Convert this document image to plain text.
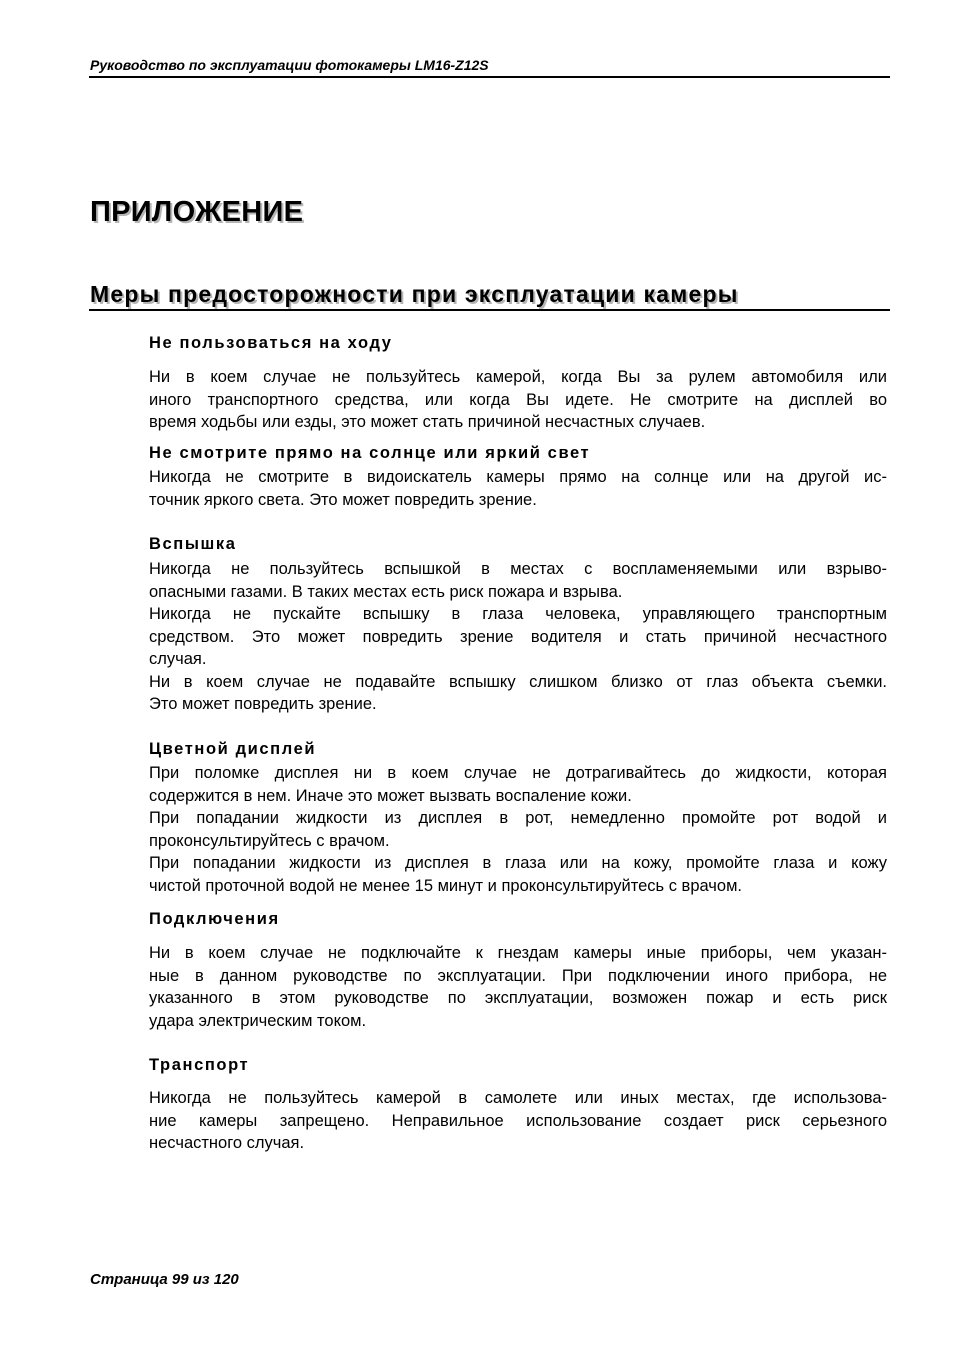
Руководство по эксплуатации фотокамеры LM16-Z12S
ПРИЛОЖЕНИЕ
Меры предосторожности при эксплуатации камеры
Не пользоваться на ходу
Ни в коем случае не пользуйтесь камерой, когда Вы за рулем автомобиля или
иного транспортного средства, или когда Вы идете. Не смотрите на дисплей во
время ходьбы или езды, это может стать причиной несчастных случаев.
Не смотрите прямо на солнце или яркий свет
Никогда не смотрите в видоискатель камеры прямо на солнце или на другой ис-
точник яркого света. Это может повредить зрение.
Вспышка
Никогда не пользуйтесь вспышкой в местах с воспламеняемыми или взрыво-
опасными газами. В таких местах есть риск пожара и взрыва.
Никогда не пускайте вспышку в глаза человека, управляющего транспортным
средством. Это может повредить зрение водителя и стать причиной несчастного
случая.
Ни в коем случае не подавайте вспышку слишком близко от глаз объекта съемки.
Это может повредить зрение.
Цветной дисплей
При поломке дисплея ни в коем случае не дотрагивайтесь до жидкости, которая
содержится в нем. Иначе это может вызвать воспаление кожи.
При попадании жидкости из дисплея в рот, немедленно промойте рот водой и
проконсультируйтесь с врачом.
При попадании жидкости из дисплея в глаза или на кожу, промойте глаза и кожу
чистой проточной водой не менее 15 минут и проконсультируйтесь с врачом.
Подключения
Ни в коем случае не подключайте к гнездам камеры иные приборы, чем указан-
ные в данном руководстве по эксплуатации. При подключении иного прибора, не
указанного в этом руководстве по эксплуатации, возможен пожар и есть риск
удара электрическим током.
Транспорт
Никогда не пользуйтесь камерой в самолете или иных местах, где использова-
ние камеры запрещено. Неправильное использование создает риск серьезного
несчастного случая.
Страница 99 из 120
